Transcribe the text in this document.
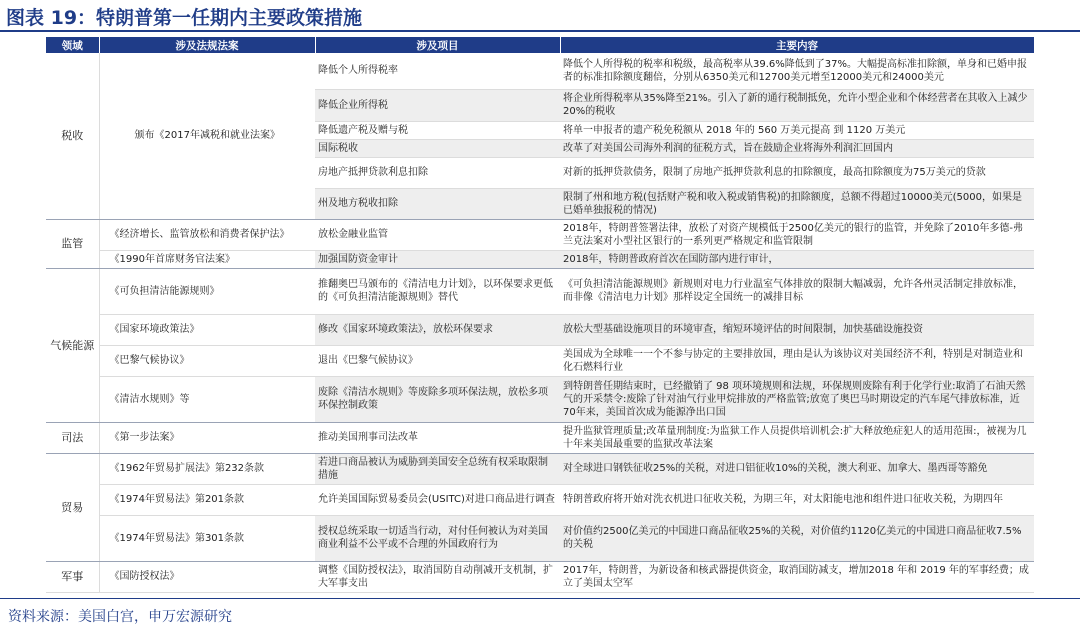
图表 19：特朗普第一任期内主要政策措施
领域	涉及法规法案	涉及项目	主要内容
税收	颁布《2017年减税和就业法案》	降低个人所得税率	降低个人所得税的税率和税级，最高税率从39.6%降低到了37%。大幅提高标准扣除额，单身和已婚申报者的标准扣除额度翻倍，分别从6350美元和12700美元增至12000美元和24000美元
		降低企业所得税	将企业所得税率从35%降至21%。引入了新的通行税制抵免，允许小型企业和个体经营者在其收入上减少20%的税收
		降低遗产税及赠与税	将单一申报者的遗产税免税额从 2018 年的 560 万美元提高 到 1120 万美元
		国际税收	改革了对美国公司海外利润的征税方式，旨在鼓励企业将海外利润汇回国内
		房地产抵押贷款利息扣除	对新的抵押贷款债务，限制了房地产抵押贷款利息的扣除额度，最高扣除额度为75万美元的贷款
		州及地方税收扣除	限制了州和地方税(包括财产税和收入税或销售税)的扣除额度，总额不得超过10000美元(5000，如果是已婚单独报税的情况)
监管	《经济增长、监管放松和消费者保护法》	放松金融业监管	2018年，特朗普签署法律，放松了对资产规模低于2500亿美元的银行的监管，并免除了2010年多德-弗兰克法案对小型社区银行的一系列更严格规定和监管限制
	《1990年首席财务官法案》	加强国防资金审计	2018年，特朗普政府首次在国防部内进行审计，
气候能源	《可负担清洁能源规则》	推翻奥巴马颁布的《清洁电力计划》，以环保要求更低的《可负担清洁能源规则》替代	《可负担清洁能源规则》新规则对电力行业温室气体排放的限制大幅减弱，允许各州灵活制定排放标准，而非像《清洁电力计划》那样设定全国统一的减排目标
	《国家环境政策法》	修改《国家环境政策法》，放松环保要求	放松大型基础设施项目的环境审查，缩短环境评估的时间限制，加快基础设施投资
	《巴黎气候协议》	退出《巴黎气候协议》	美国成为全球唯一一个不参与协定的主要排放国，理由是认为该协议对美国经济不利，特别是对制造业和化石燃料行业
	《清洁水规则》等	废除《清洁水规则》等废除多项环保法规，放松多项环保控制政策	到特朗普任期结束时，已经撤销了 98 项环境规则和法规，环保规则废除有利于化学行业:取消了石油天然气的开采禁令:废除了针对油气行业甲烷排放的严格监管;放宽了奥巴马时期设定的汽车尾气排放标准，近70年来，美国首次成为能源净出口国
司法	《第一步法案》	推动美国刑事司法改革	提升监狱管理质量;改革量刑制度:为监狱工作人员提供培训机会:扩大释放绝症犯人的适用范围:，被视为几十年来美国最重要的监狱改革法案
贸易	《1962年贸易扩展法》第232条款	若进口商品被认为威胁到美国安全总统有权采取限制措施	对全球进口钢铁征收25%的关税，对进口铝征收10%的关税，澳大利亚、加拿大、墨西哥等豁免
	《1974年贸易法》第201条款	允许美国国际贸易委员会(USITC)对进口商品进行调查	特朗普政府将开始对洗衣机进口征收关税，为期三年，对太阳能电池和组件进口征收关税，为期四年
	《1974年贸易法》第301条款	授权总统采取一切适当行动，对付任何被认为对美国商业利益不公平或不合理的外国政府行为	对价值约2500亿美元的中国进口商品征收25%的关税，对价值约1120亿美元的中国进口商品征收7.5%的关税
军事	《国防授权法》	调整《国防授权法》，取消国防自动削减开支机制，扩大军事支出	2017年，特朗普，为新设备和核武器提供资金，取消国防减支，增加2018 年和 2019 年的军事经费；成立了美国太空军
资料来源：美国白宫，申万宏源研究
